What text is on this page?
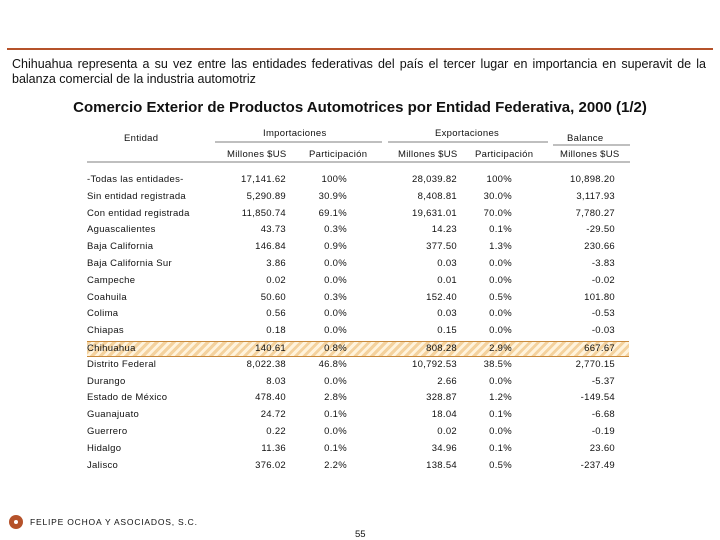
Chihuahua representa a su vez entre las entidades federativas del país el tercer lugar en importancia en superavit de la balanza comercial de la industria automotriz
Comercio Exterior de Productos Automotrices por Entidad Federativa, 2000 (1/2)
Entidad	Importaciones	Exportaciones	Balance
Millones $US Participación	Millones $US Participación	Millones $US
-Todas las entidades-	17,141.62	100%	28,039.82	100%	10,898.20
Sin entidad registrada	5,290.89	30.9%	8,408.81	30.0%	3,117.93
Con entidad registrada	11,850.74	69.1%	19,631.01	70.0%	7,780.27
Aguascalientes	43.73	0.3%	14.23	0.1%	-29.50
Baja California	146.84	0.9%	377.50	1.3%	230.66
Baja California Sur	3.86	0.0%	0.03	0.0%	-3.83
Campeche	0.02	0.0%	0.01	0.0%	-0.02
Coahuila	50.60	0.3%	152.40	0.5%	101.80
Colima	0.56	0.0%	0.03	0.0%	-0.53
Chiapas	0.18	0.0%	0.15	0.0%	-0.03
Chihuahua	140.61	0.8%	808.28	2.9%	667.67
Distrito Federal	8,022.38	46.8%	10,792.53	38.5%	2,770.15
Durango	8.03	0.0%	2.66	0.0%	-5.37
Estado de México	478.40	2.8%	328.87	1.2%	-149.54
Guanajuato	24.72	0.1%	18.04	0.1%	-6.68
Guerrero	0.22	0.0%	0.02	0.0%	-0.19
Hidalgo	11.36	0.1%	34.96	0.1%	23.60
Jalisco	376.02	2.2%	138.54	0.5%	-237.49
FELIPE OCHOA Y ASOCIADOS, S.C.
55
